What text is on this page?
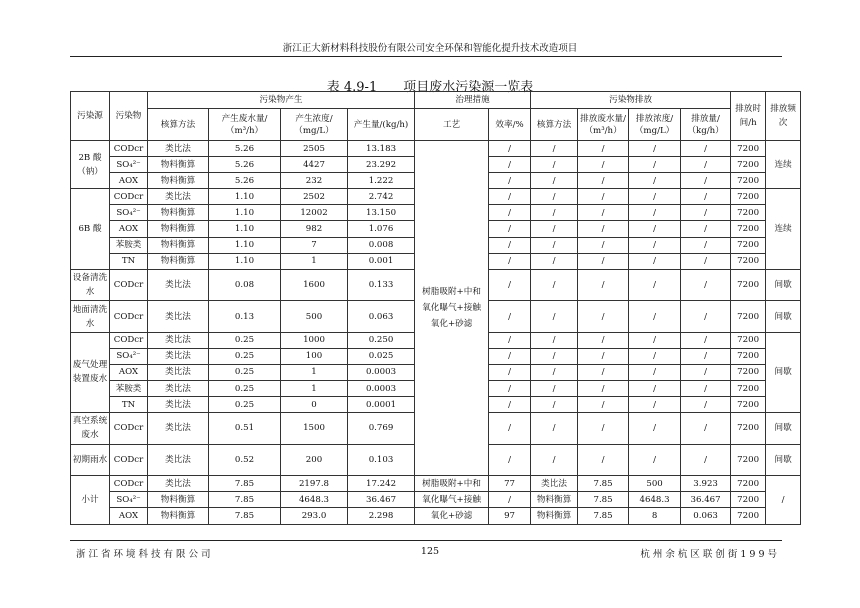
浙江正大新材料科技股份有限公司安全环保和智能化提升技术改造项目
表 4.9-1 项目废水污染源一览表
污染源	污染物	污染物产生				治理措施		污染物排放				排放时间/h	排放频次
		核算方法	产生废水量/（m³/h）	产生浓度/（mg/L）	产生量/(kg/h)	工艺	效率/%	核算方法	排放废水量/（m³/h）	排放浓度/（mg/L）	排放量/（kg/h）		
2B 酸（钠）	CODcr	类比法	5.26	2505	13.183	树脂吸附+中和氧化曝气+接触氧化+砂滤	/	/	/	/	/	7200	连续
	SO₄²⁻	物料衡算	5.26	4427	23.292		/	/	/	/	/	7200	
	AOX	物料衡算	5.26	232	1.222		/	/	/	/	/	7200	
6B 酸	CODcr	类比法	1.10	2502	2.742		/	/	/	/	/	7200	连续
	SO₄²⁻	物料衡算	1.10	12002	13.150		/	/	/	/	/	7200	
	AOX	物料衡算	1.10	982	1.076		/	/	/	/	/	7200	
	苯胺类	物料衡算	1.10	7	0.008		/	/	/	/	/	7200	
	TN	物料衡算	1.10	1	0.001		/	/	/	/	/	7200	
设备清洗水	CODcr	类比法	0.08	1600	0.133		/	/	/	/	/	7200	间歇
地面清洗水	CODcr	类比法	0.13	500	0.063		/	/	/	/	/	7200	间歇
废气处理装置废水	CODcr	类比法	0.25	1000	0.250		/	/	/	/	/	7200	间歇
	SO₄²⁻	类比法	0.25	100	0.025		/	/	/	/	/	7200	
	AOX	类比法	0.25	1	0.0003		/	/	/	/	/	7200	
	苯胺类	类比法	0.25	1	0.0003		/	/	/	/	/	7200	
	TN	类比法	0.25	0	0.0001		/	/	/	/	/	7200	
真空系统废水	CODcr	类比法	0.51	1500	0.769		/	/	/	/	/	7200	间歇
初期雨水	CODcr	类比法	0.52	200	0.103		/	/	/	/	/	7200	间歇
小计	CODcr	类比法	7.85	2197.8	17.242	树脂吸附+中和	77	类比法	7.85	500	3.923	7200	/
	SO₄²⁻	物料衡算	7.85	4648.3	36.467	氧化曝气+接触	/	物料衡算	7.85	4648.3	36.467	7200	
	AOX	物料衡算	7.85	293.0	2.298	氧化+砂滤	97	物料衡算	7.85	8	0.063	7200	
浙江省环境科技有限公司	125	杭州余杭区联创街199号
